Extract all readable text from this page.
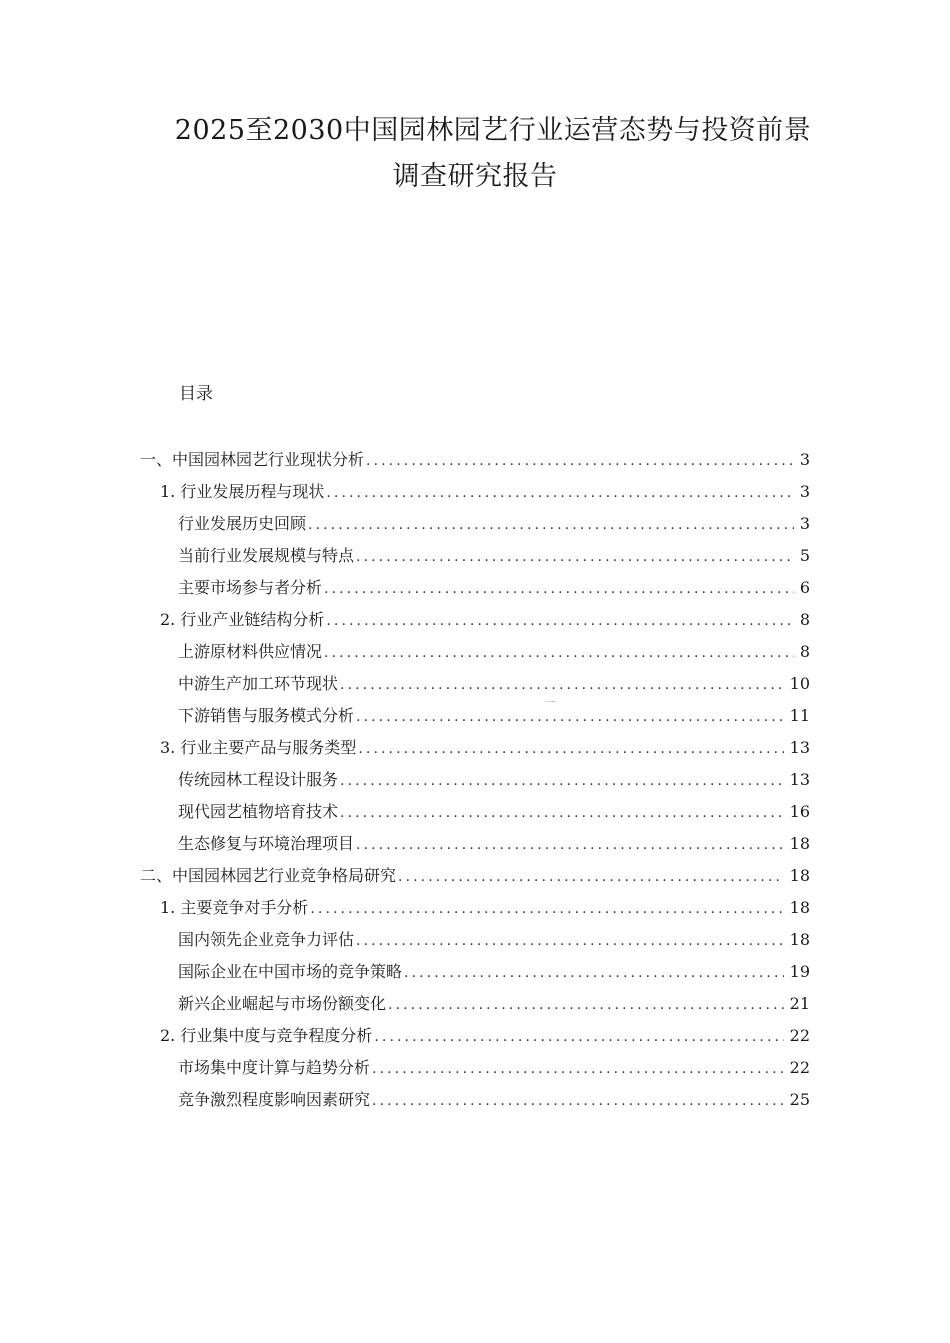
2025至2030中国园林园艺行业运营态势与投资前景
调查研究报告
目录
一、中国园林园艺行业现状分析 .....	3
1. 行业发展历程与现状 .....	3
行业发展历史回顾 .....	3
当前行业发展规模与特点 .....	5
主要市场参与者分析 .....	6
2. 行业产业链结构分析 .....	8
上游原材料供应情况 .....	8
中游生产加工环节现状 .....	10
下游销售与服务模式分析 .....	11
3. 行业主要产品与服务类型 .....	13
传统园林工程设计服务 .....	13
现代园艺植物培育技术 .....	16
生态修复与环境治理项目 .....	18
二、中国园林园艺行业竞争格局研究 .....	18
1. 主要竞争对手分析 .....	18
国内领先企业竞争力评估 .....	18
国际企业在中国市场的竞争策略 .....	19
新兴企业崛起与市场份额变化 .....	21
2. 行业集中度与竞争程度分析 .....	22
市场集中度计算与趋势分析 .....	22
竞争激烈程度影响因素研究 .....	25
一
